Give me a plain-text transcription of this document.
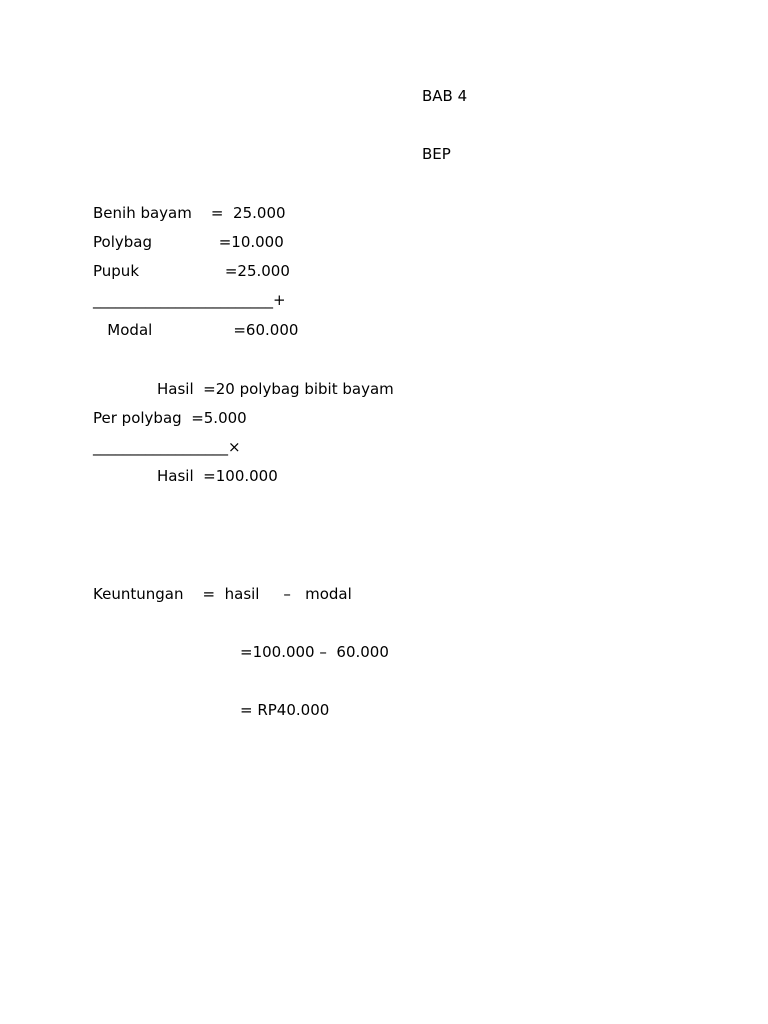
BAB 4

BEP

Benih bayam    =  25.000

Polybag              =10.000

Pupuk                  =25.000

________________________+

Modal                 =60.000

Hasil  =20 polybag bibit bayam

Per polybag  =5.000

__________________×

Hasil  =100.000

Keuntungan    =  hasil     –   modal

=100.000 –  60.000

= RP40.000
